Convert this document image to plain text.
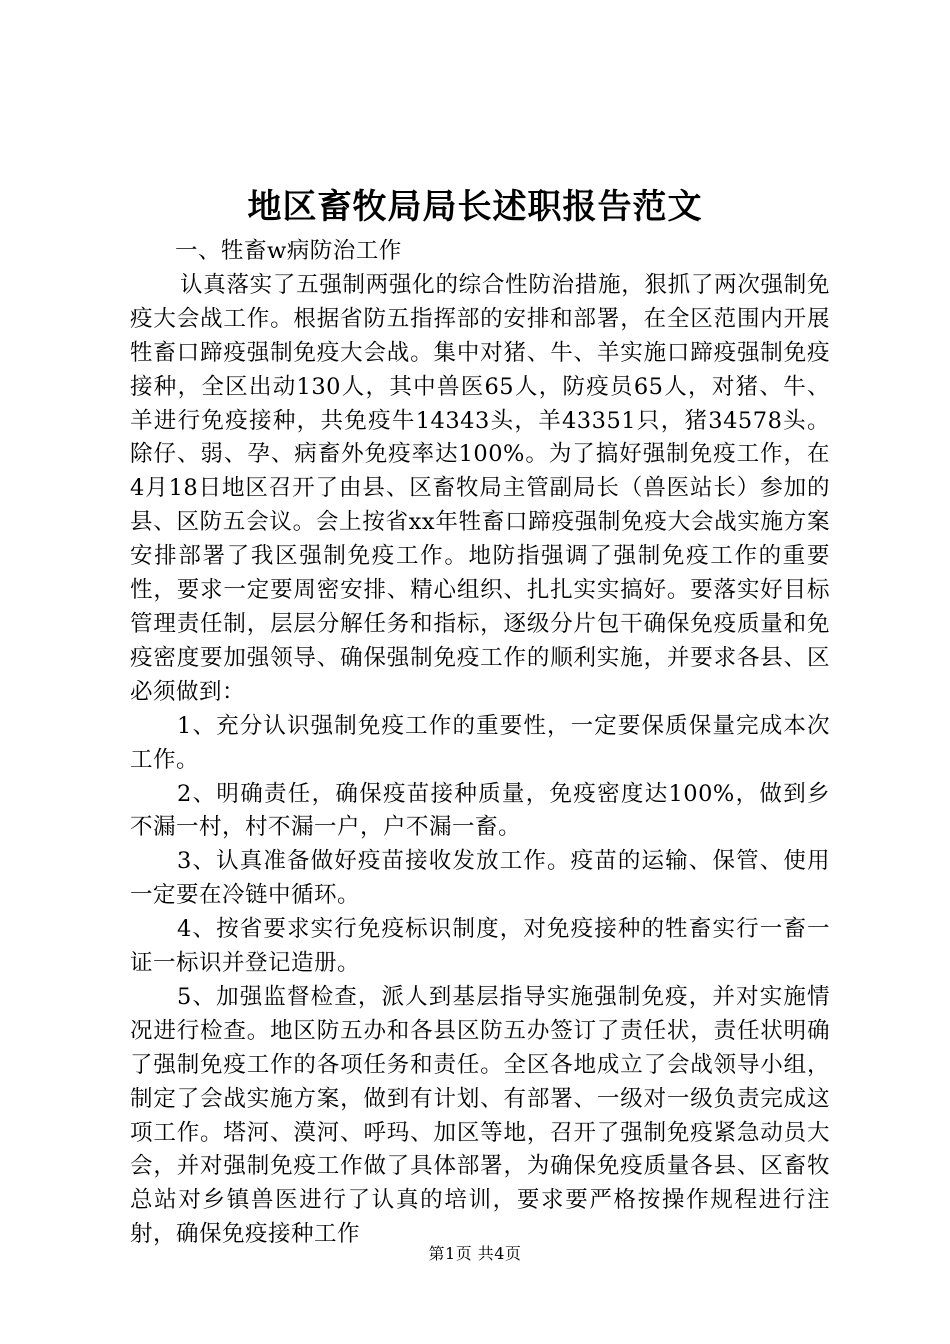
地区畜牧局局长述职报告范文

一、牲畜w病防治工作

认真落实了五强制两强化的综合性防治措施，狠抓了两次强制免疫大会战工作。根据省防五指挥部的安排和部署，在全区范围内开展牲畜口蹄疫强制免疫大会战。集中对猪、牛、羊实施口蹄疫强制免疫接种，全区出动130人，其中兽医65人，防疫员65人，对猪、牛、羊进行免疫接种，共免疫牛14343头，羊43351只，猪34578头。除仔、弱、孕、病畜外免疫率达100%。为了搞好强制免疫工作，在4月18日地区召开了由县、区畜牧局主管副局长（兽医站长）参加的县、区防五会议。会上按省xx年牲畜口蹄疫强制免疫大会战实施方案安排部署了我区强制免疫工作。地防指强调了强制免疫工作的重要性，要求一定要周密安排、精心组织、扎扎实实搞好。要落实好目标管理责任制，层层分解任务和指标，逐级分片包干确保免疫质量和免疫密度要加强领导、确保强制免疫工作的顺利实施，并要求各县、区必须做到：

1、充分认识强制免疫工作的重要性，一定要保质保量完成本次工作。

2、明确责任，确保疫苗接种质量，免疫密度达100%，做到乡不漏一村，村不漏一户，户不漏一畜。

3、认真准备做好疫苗接收发放工作。疫苗的运输、保管、使用一定要在冷链中循环。

4、按省要求实行免疫标识制度，对免疫接种的牲畜实行一畜一证一标识并登记造册。

5、加强监督检查，派人到基层指导实施强制免疫，并对实施情况进行检查。地区防五办和各县区防五办签订了责任状，责任状明确了强制免疫工作的各项任务和责任。全区各地成立了会战领导小组，制定了会战实施方案，做到有计划、有部署、一级对一级负责完成这项工作。塔河、漠河、呼玛、加区等地，召开了强制免疫紧急动员大会，并对强制免疫工作做了具体部署，为确保免疫质量各县、区畜牧总站对乡镇兽医进行了认真的培训，要求要严格按操作规程进行注射，确保免疫接种工作

第1页 共4页
